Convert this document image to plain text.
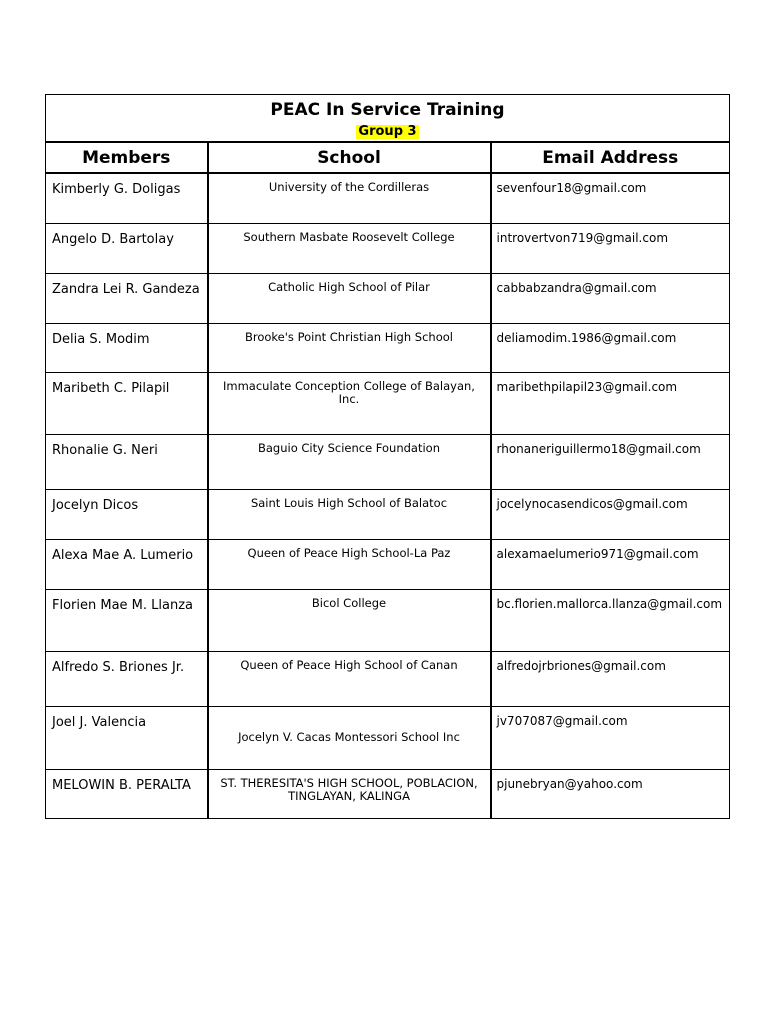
PEAC In Service Training
Group 3		
Members	School	Email Address
Kimberly G. Doligas	University of the Cordilleras	sevenfour18@gmail.com
Angelo D. Bartolay	Southern Masbate Roosevelt College	introvertvon719@gmail.com
Zandra Lei R. Gandeza	Catholic High School of Pilar	cabbabzandra@gmail.com
Delia S. Modim	Brooke's Point Christian High School	deliamodim.1986@gmail.com
Maribeth C. Pilapil	Immaculate Conception College of Balayan, Inc.	maribethpilapil23@gmail.com
Rhonalie G. Neri	Baguio City Science Foundation	rhonaneriguillermo18@gmail.com
Jocelyn Dicos	Saint Louis High School of Balatoc	jocelynocasendicos@gmail.com
Alexa Mae A. Lumerio	Queen of Peace High School-La Paz	alexamaelumerio971@gmail.com
Florien Mae M. Llanza	Bicol College	bc.florien.mallorca.llanza@gmail.com
Alfredo S. Briones Jr.	Queen of Peace High School of Canan	alfredojrbriones@gmail.com
Joel J. Valencia	Jocelyn V. Cacas Montessori School Inc	jv707087@gmail.com
MELOWIN B. PERALTA	ST. THERESITA'S HIGH SCHOOL, POBLACION, TINGLAYAN, KALINGA	pjunebryan@yahoo.com
